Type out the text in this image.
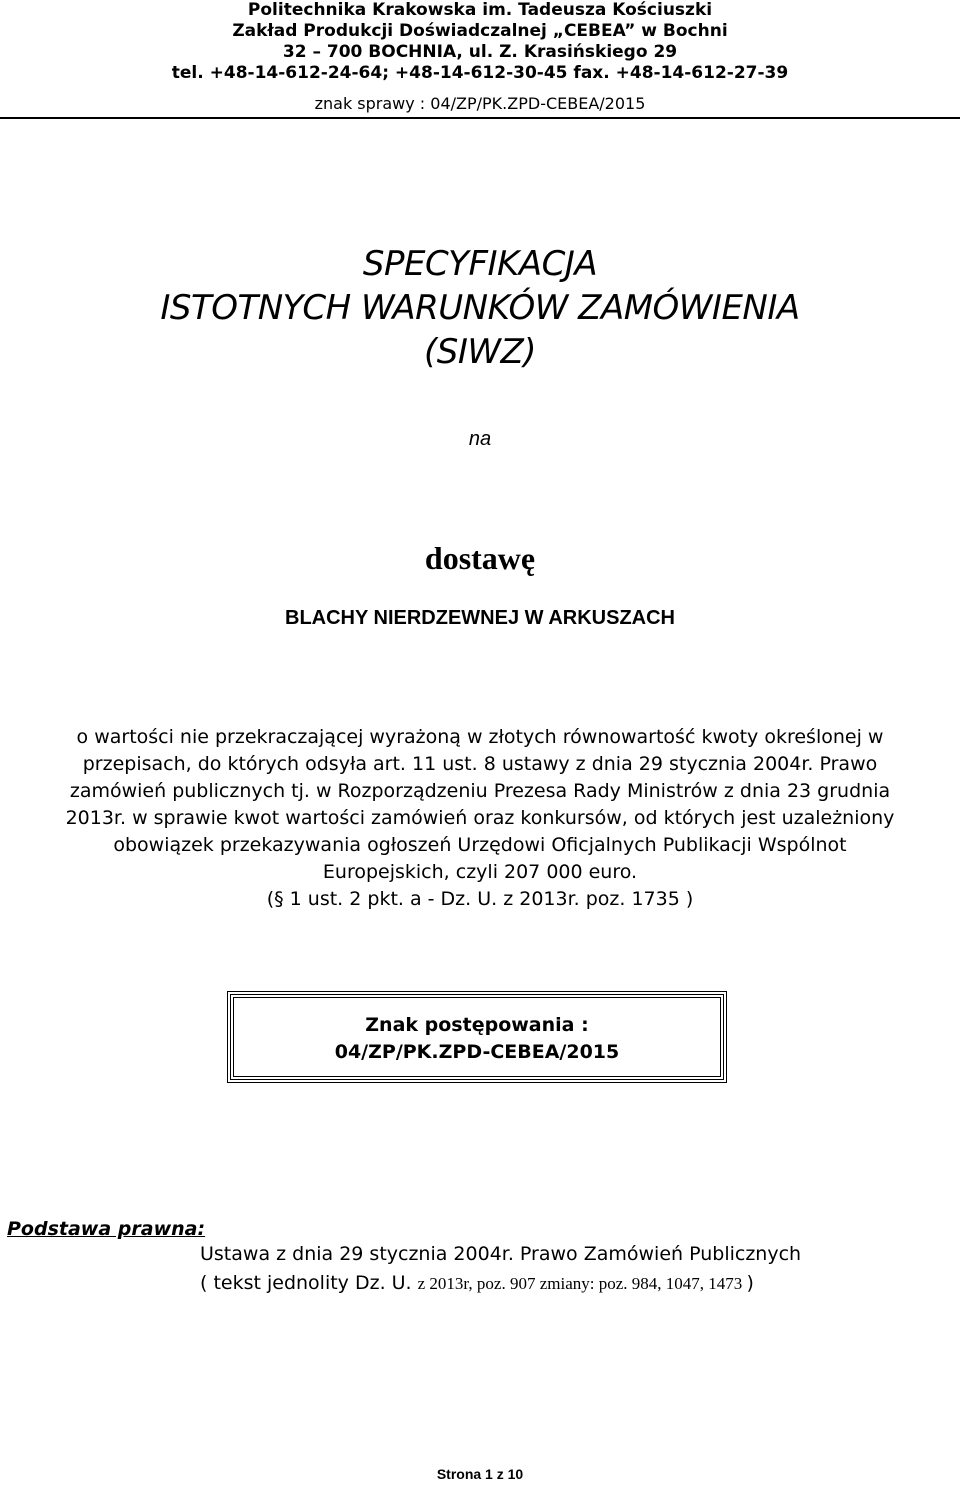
Politechnika Krakowska im. Tadeusza Kościuszki
Zakład Produkcji Doświadczalnej „CEBEA” w Bochni
32 – 700 BOCHNIA, ul. Z. Krasińskiego 29
tel. +48-14-612-24-64; +48-14-612-30-45 fax. +48-14-612-27-39
znak sprawy : 04/ZP/PK.ZPD-CEBEA/2015
SPECYFIKACJA
ISTOTNYCH WARUNKÓW ZAMÓWIENIA
(SIWZ)
na
dostawę
BLACHY NIERDZEWNEJ W ARKUSZACH
o wartości nie przekraczającej wyrażoną w złotych równowartość kwoty określonej w
przepisach, do których odsyła art. 11 ust. 8 ustawy z dnia 29 stycznia 2004r. Prawo
zamówień publicznych tj. w Rozporządzeniu Prezesa Rady Ministrów z dnia 23 grudnia
2013r. w sprawie kwot wartości zamówień oraz konkursów, od których jest uzależniony
obowiązek przekazywania ogłoszeń Urzędowi Oficjalnych Publikacji Wspólnot
Europejskich, czyli 207 000 euro.
(§ 1 ust. 2 pkt. a - Dz. U. z 2013r. poz. 1735 )
Znak postępowania :
04/ZP/PK.ZPD-CEBEA/2015
Podstawa prawna:
Ustawa z dnia 29 stycznia 2004r. Prawo Zamówień Publicznych
( tekst jednolity Dz. U. z 2013r, poz. 907 zmiany: poz. 984, 1047, 1473 )
Strona 1 z 10
